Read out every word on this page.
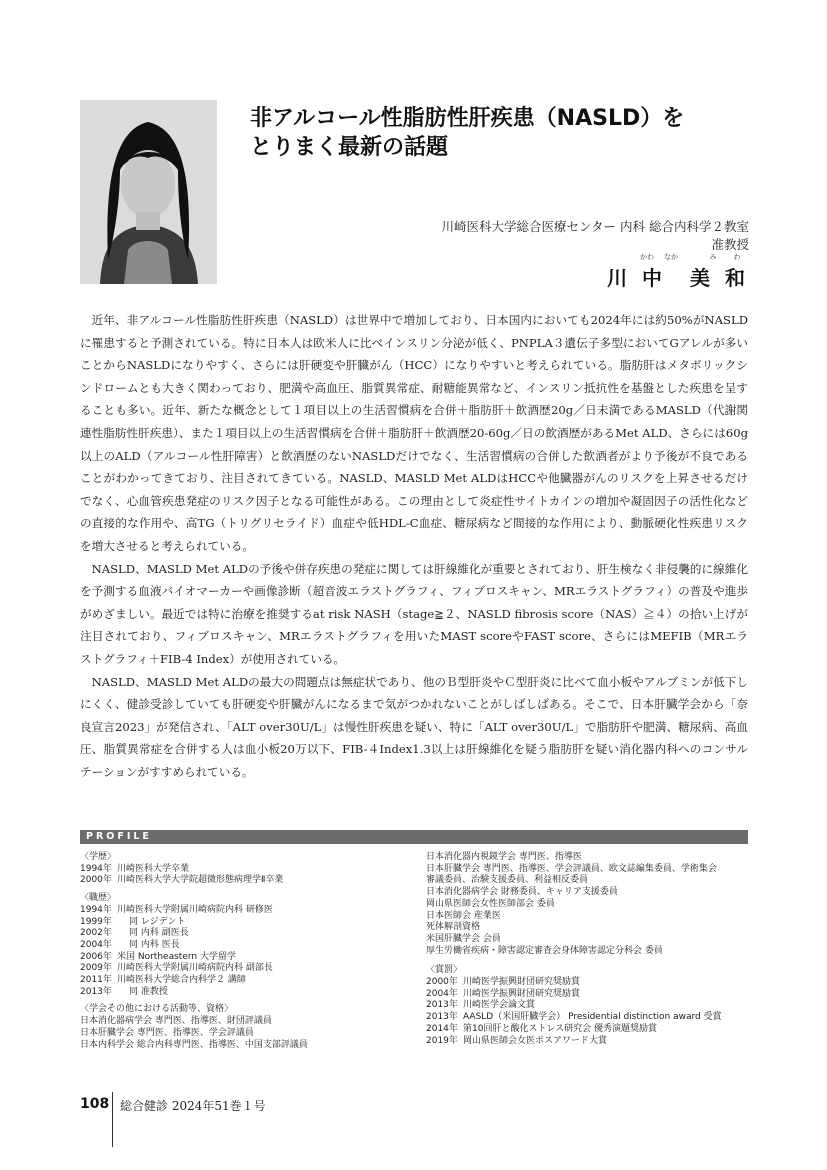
非アルコール性脂肪性肝疾患（NASLD）を
とりまく最新の話題
川崎医科大学総合医療センター 内科 総合内科学２教室
准教授
かわ	なか	み	わ
川 中　美 和

近年、非アルコール性脂肪性肝疾患（NASLD）は世界中で増加しており、日本国内においても2024年には約50%がNASLDに罹患すると予測されている。特に日本人は欧米人に比べインスリン分泌が低く、PNPLA３遺伝子多型においてGアレルが多いことからNASLDになりやすく、さらには肝硬変や肝臓がん（HCC）になりやすいと考えられている。脂肪肝はメタボリックシンドロームとも大きく関わっており、肥満や高血圧、脂質異常症、耐糖能異常など、インスリン抵抗性を基盤とした疾患を呈することも多い。近年、新たな概念として１項目以上の生活習慣病を合併＋脂肪肝＋飲酒歴20g／日未満であるMASLD（代謝関連性脂肪性肝疾患）、また１項目以上の生活習慣病を合併＋脂肪肝＋飲酒歴20-60g／日の飲酒歴があるMet ALD、さらには60g以上のALD（アルコール性肝障害）と飲酒歴のないNASLDだけでなく、生活習慣病の合併した飲酒者がより予後が不良であることがわかってきており、注目されてきている。NASLD、MASLD Met ALDはHCCや他臓器がんのリスクを上昇させるだけでなく、心血管疾患発症のリスク因子となる可能性がある。この理由として炎症性サイトカインの増加や凝固因子の活性化などの直接的な作用や、高TG（トリグリセライド）血症や低HDL-C血症、糖尿病など間接的な作用により、動脈硬化性疾患リスクを増大させると考えられている。

NASLD、MASLD Met ALDの予後や併存疾患の発症に関しては肝線維化が重要とされており、肝生検なく非侵襲的に線維化を予測する血液バイオマーカーや画像診断（超音波エラストグラフィ、フィブロスキャン、MRエラストグラフィ）の普及や進歩がめざましい。最近では特に治療を推奨するat risk NASH（stage≧２、NASLD fibrosis score（NAS）≧４）の拾い上げが注目されており、フィブロスキャン、MRエラストグラフィを用いたMAST scoreやFAST score、さらにはMEFIB（MRエラストグラフィ＋FIB-4 Index）が使用されている。

NASLD、MASLD Met ALDの最大の問題点は無症状であり、他のＢ型肝炎やＣ型肝炎に比べて血小板やアルブミンが低下しにくく、健診受診していても肝硬変や肝臓がんになるまで気がつかれないことがしばしばある。そこで、日本肝臓学会から「奈良宣言2023」が発信され、「ALT over30U/L」は慢性肝疾患を疑い、特に「ALT over30U/L」で脂肪肝や肥満、糖尿病、高血圧、脂質異常症を合併する人は血小板20万以下、FIB-４Index1.3以上は肝線維化を疑う脂肪肝を疑い消化器内科へのコンサルテーションがすすめられている。

PROFILE
〈学歴〉
1994年 川崎医科大学卒業
2000年 川崎医科大学大学院超微形態病理学Ⅱ卒業
〈職歴〉
1994年 川崎医科大学附属川崎病院内科 研修医
1999年	同 レジデント
2002年	同 内科 副医長
2004年	同 内科 医長
2006年 米国 Northeastern 大学留学
2009年 川崎医科大学附属川崎病院内科 副部長
2011年 川崎医科大学総合内科学２ 講師
2013年	同 准教授
〈学会その他における活動等、資格〉
日本消化器病学会 専門医、指導医、財団評議員
日本肝臓学会 専門医、指導医、学会評議員
日本内科学会 総合内科専門医、指導医、中国支部評議員
日本消化器内視鏡学会 専門医、指導医
日本肝臓学会 専門医、指導医、学会評議員、欧文誌編集委員、学術集会
審議委員、治験支援委員、利益相反委員
日本消化器病学会 財務委員、キャリア支援委員
岡山県医師会女性医師部会 委員
日本医師会 産業医
死体解剖資格
米国肝臓学会 会員
厚生労働省疾病・障害認定審査会身体障害認定分科会 委員
〈賞罰〉
2000年 川崎医学振興財団研究奨励賞
2004年 川崎医学振興財団研究奨励賞
2013年 川崎医学会論文賞
2013年 AASLD（米国肝臓学会） Presidential distinction award 受賞
2014年 第10回肝と酸化ストレス研究会 優秀演題奨励賞
2019年 岡山県医師会女医ポスアワード大賞
108 総合健診 2024年51巻１号
